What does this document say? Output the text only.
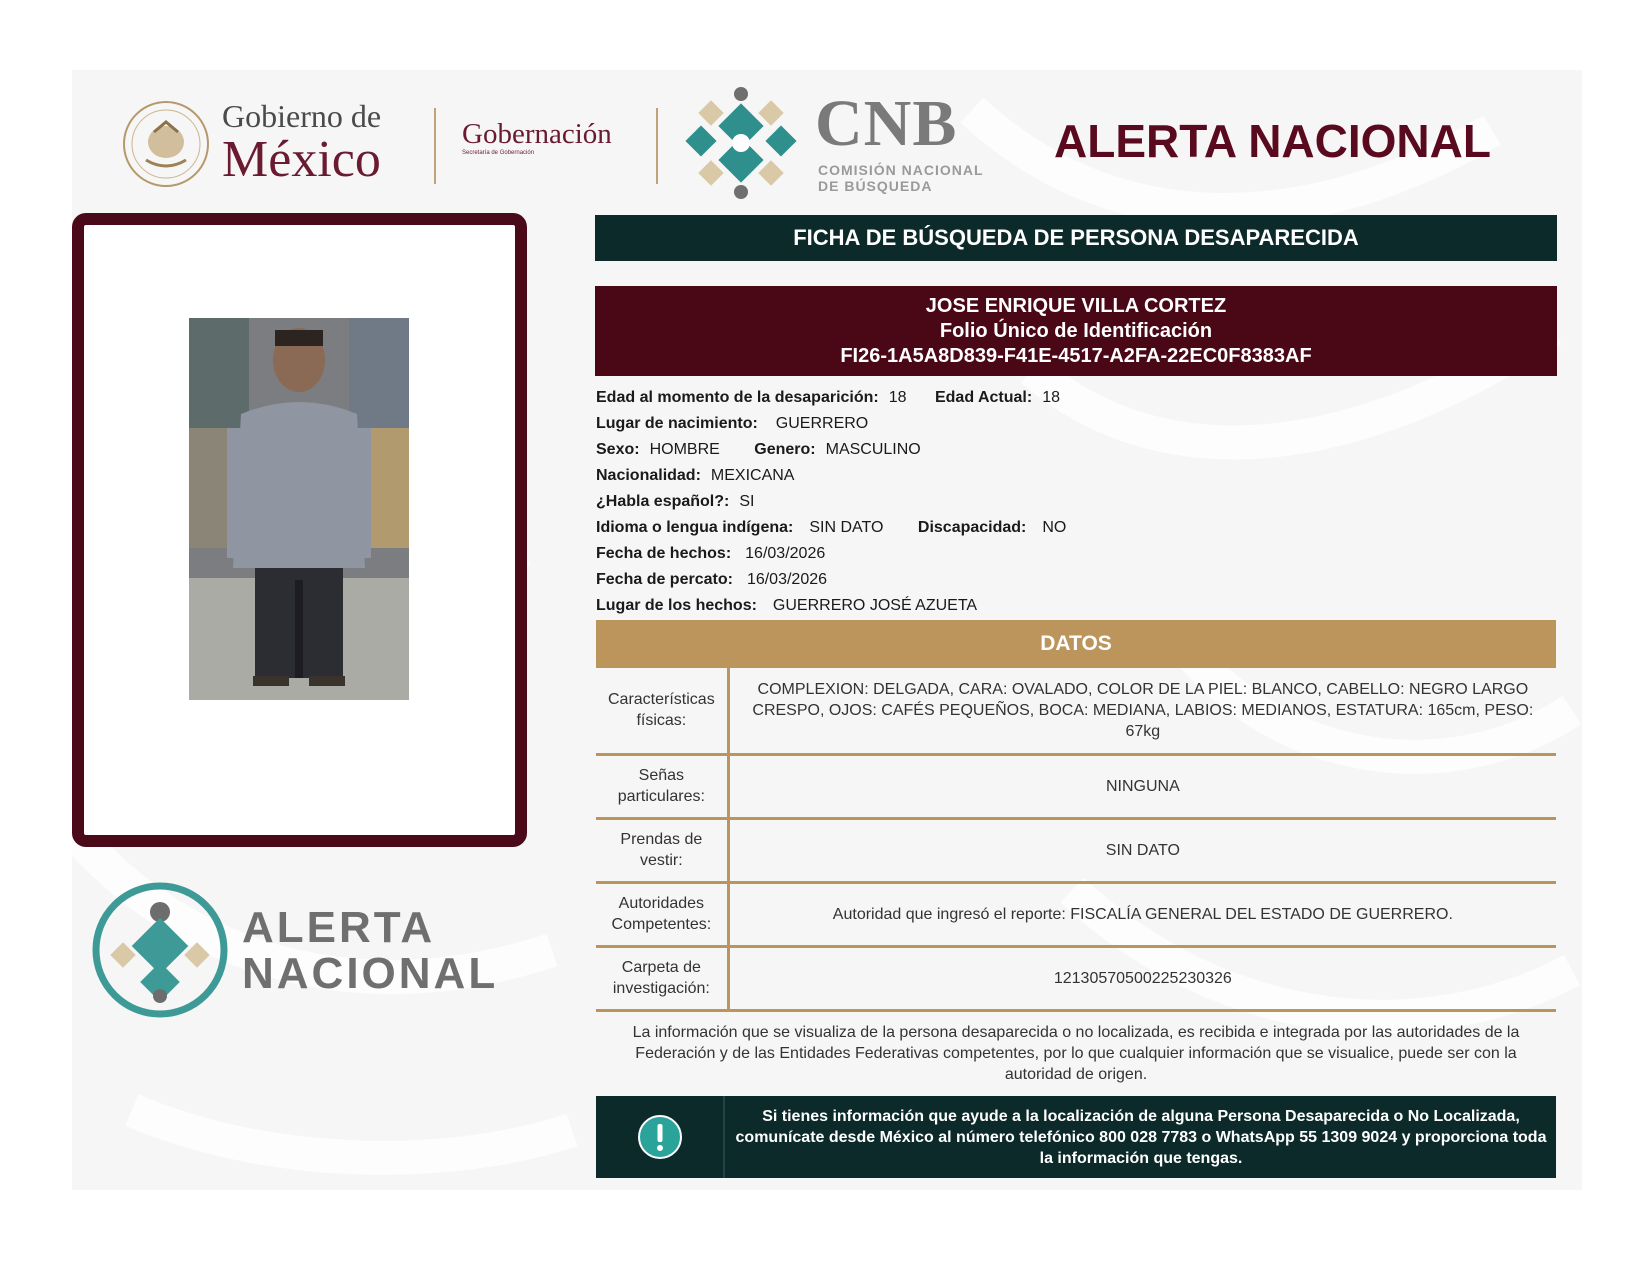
Gobierno de
México	Gobernación
Secretaría de Gobernación	CNB
COMISIÓN NACIONAL
DE BÚSQUEDA
ALERTA NACIONAL
ALERTA
NACIONAL
FICHA DE BÚSQUEDA DE PERSONA DESAPARECIDA
JOSE ENRIQUE VILLA CORTEZ
Folio Único de Identificación
FI26-1A5A8D839-F41E-4517-A2FA-22EC0F8383AF
Edad al momento de la desaparición: 18 Edad Actual: 18
Lugar de nacimiento: GUERRERO
Sexo: HOMBRE Genero: MASCULINO
Nacionalidad: MEXICANA
¿Habla español?: SI
Idioma o lengua indígena: SIN DATO Discapacidad: NO
Fecha de hechos: 16/03/2026
Fecha de percato: 16/03/2026
Lugar de los hechos: GUERRERO JOSÉ AZUETA
DATOS
Características físicas:	COMPLEXION: DELGADA, CARA: OVALADO, COLOR DE LA PIEL: BLANCO, CABELLO: NEGRO LARGO CRESPO, OJOS: CAFÉS PEQUEÑOS, BOCA: MEDIANA, LABIOS: MEDIANOS, ESTATURA: 165cm, PESO: 67kg
Señas particulares:	NINGUNA
Prendas de vestir:	SIN DATO
Autoridades Competentes:	Autoridad que ingresó el reporte: FISCALÍA GENERAL DEL ESTADO DE GUERRERO.
Carpeta de investigación:	12130570500225230326
La información que se visualiza de la persona desaparecida o no localizada, es recibida e integrada por las autoridades de la Federación y de las Entidades Federativas competentes, por lo que cualquier información que se visualice, puede ser con la autoridad de origen.
Si tienes información que ayude a la localización de alguna Persona Desaparecida o No Localizada, comunícate desde México al número telefónico 800 028 7783 o WhatsApp 55 1309 9024 y proporciona toda la información que tengas.
